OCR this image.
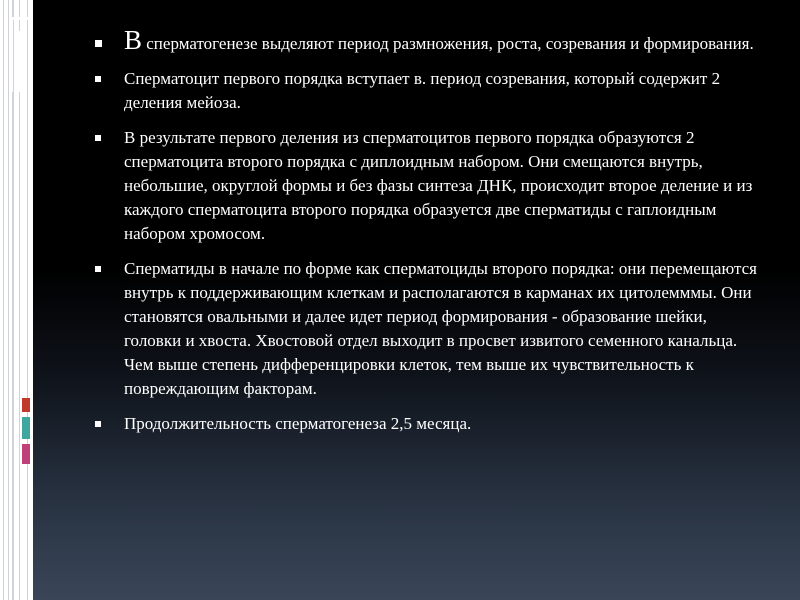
В сперматогенезе выделяют период размножения, роста, созревания и формирования.
Сперматоцит первого порядка вступает в. период созревания, который содержит 2 деления мейоза.
В результате первого деления из сперматоцитов первого порядка образуются 2 сперматоцита второго порядка с диплоидным набором. Они смещаются внутрь, небольшие, округлой формы и без фазы синтеза ДНК, происходит второе деление и из каждого сперматоцита второго порядка образуется две сперматиды с гаплоидным набором хромосом.
Сперматиды в начале по форме как сперматоциды второго порядка: они перемещаются внутрь к поддерживающим клеткам и располагаются в карманах их цитолемммы. Они становятся овальными и далее идет период формирования - образование шейки, головки и хвоста. Хвостовой отдел выходит в просвет извитого семенного канальца. Чем выше степень дифференцировки клеток, тем выше их чувствительность к повреждающим факторам.
Продолжительность сперматогенеза 2,5 месяца.
